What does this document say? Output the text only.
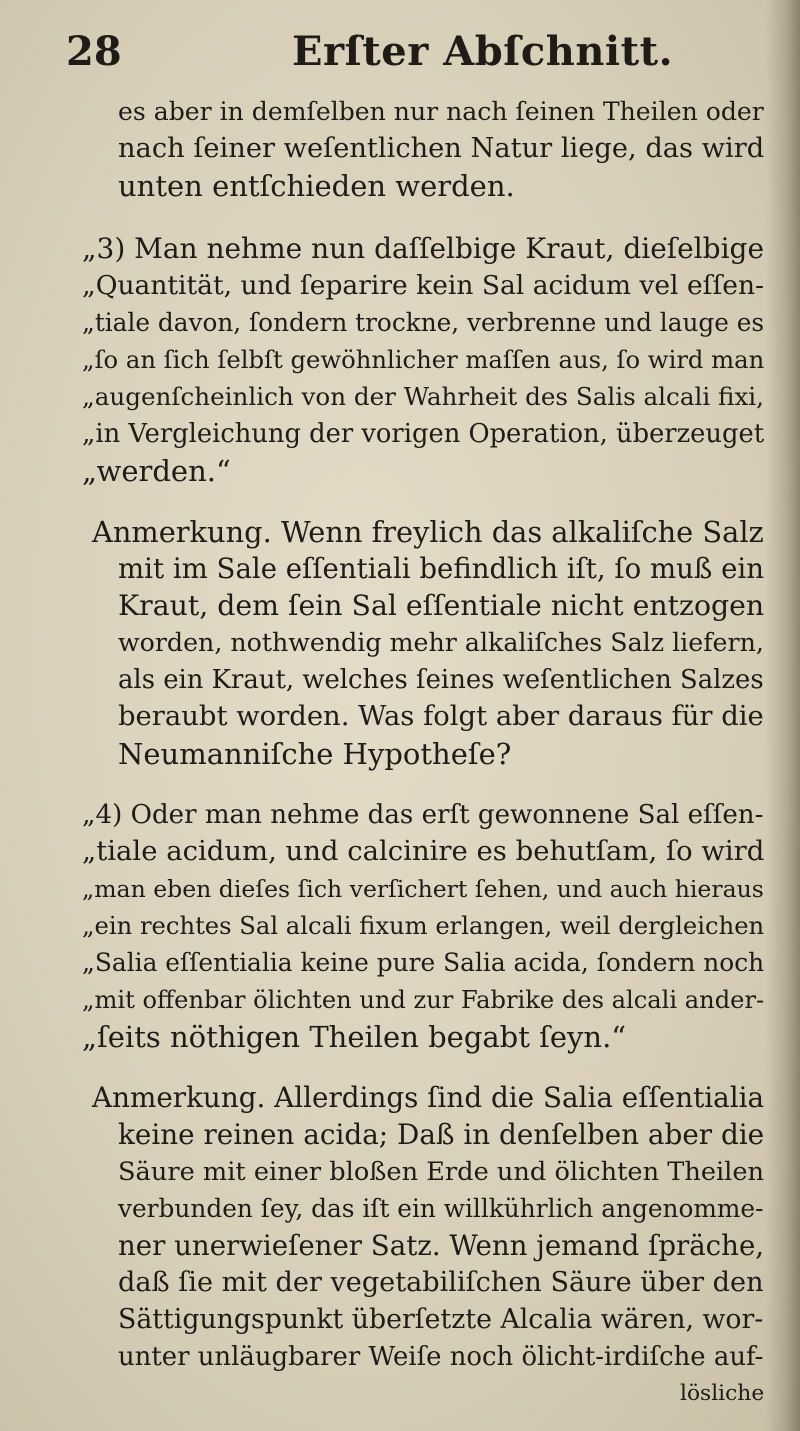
28	Erſter Abſchnitt.
es aber in demſelben nur nach ſeinen Theilen oder
nach ſeiner weſentlichen Natur liege, das wird
unten entſchieden werden.
„3) Man nehme nun daſſelbige Kraut, dieſelbige
„Quantität, und ſeparire kein Sal acidum vel eſſen-
„tiale davon, ſondern trockne, verbrenne und lauge es
„ſo an ſich ſelbſt gewöhnlicher maſſen aus, ſo wird man
„augenſcheinlich von der Wahrheit des Salis alcali fixi,
„in Vergleichung der vorigen Operation, überzeuget
„werden.“
Anmerkung. Wenn freylich das alkaliſche Salz
mit im Sale eſſentiali befindlich iſt, ſo muß ein
Kraut, dem ſein Sal eſſentiale nicht entzogen
worden, nothwendig mehr alkaliſches Salz liefern,
als ein Kraut, welches ſeines weſentlichen Salzes
beraubt worden. Was folgt aber daraus für die
Neumanniſche Hypotheſe?
„4) Oder man nehme das erſt gewonnene Sal eſſen-
„tiale acidum, und calcinire es behutſam, ſo wird
„man eben dieſes ſich verſichert ſehen, und auch hieraus
„ein rechtes Sal alcali fixum erlangen, weil dergleichen
„Salia eſſentialia keine pure Salia acida, ſondern noch
„mit offenbar ölichten und zur Fabrike des alcali ander-
„ſeits nöthigen Theilen begabt ſeyn.“
Anmerkung. Allerdings ſind die Salia eſſentialia
keine reinen acida; Daß in denſelben aber die
Säure mit einer bloßen Erde und ölichten Theilen
verbunden ſey, das iſt ein willkührlich angenomme-
ner unerwieſener Satz. Wenn jemand ſpräche,
daß ſie mit der vegetabiliſchen Säure über den
Sättigungspunkt überſetzte Alcalia wären, wor-
unter unläugbarer Weiſe noch ölicht-irdiſche auf-
lösliche
